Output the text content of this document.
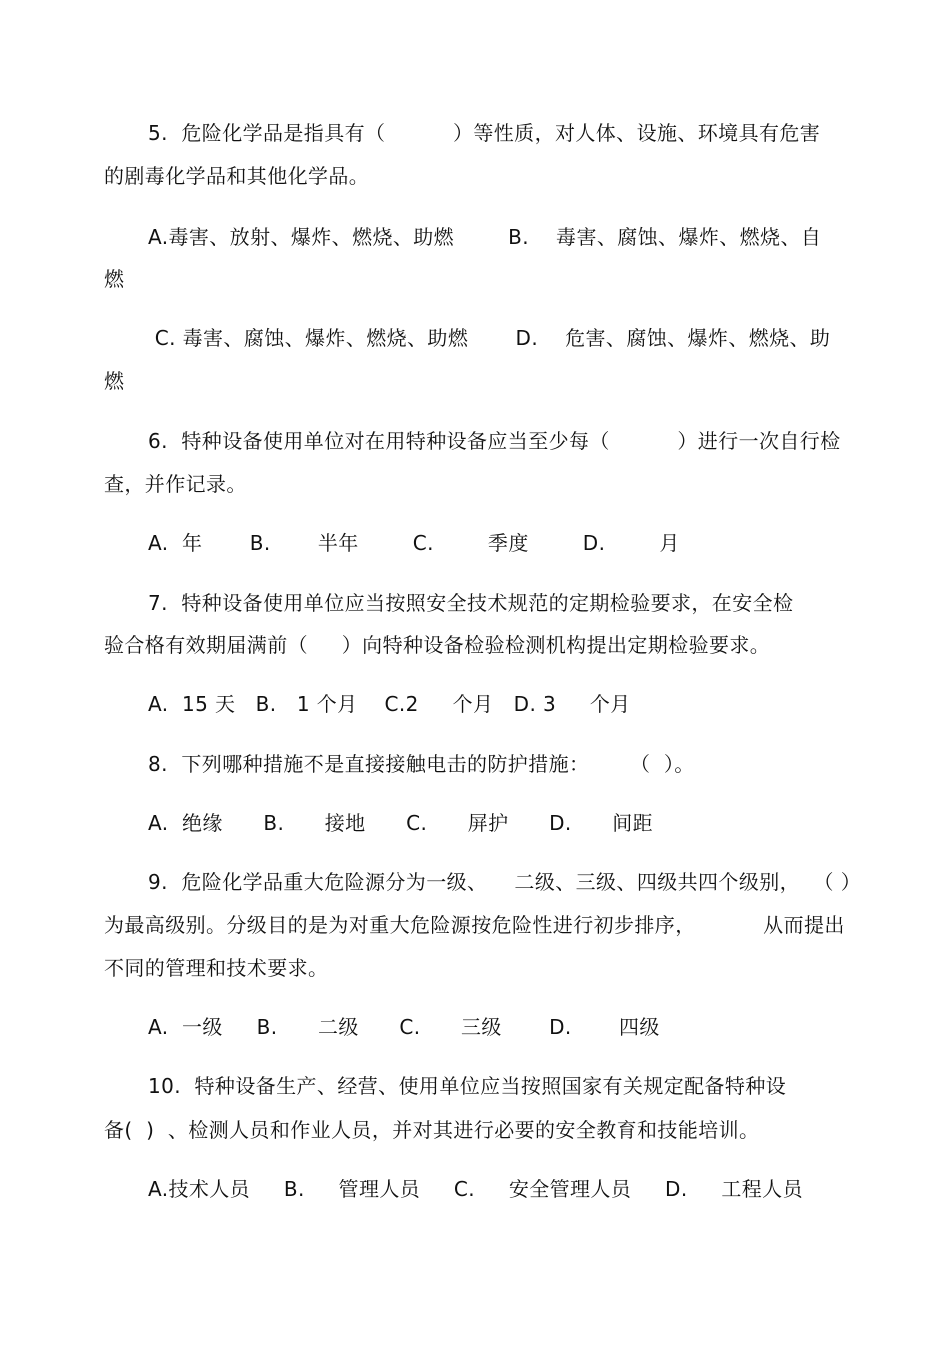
5.  危险化学品是指具有（          ）等性质，对人体、设施、环境具有危害
的剧毒化学品和其他化学品。
A.毒害、放射、爆炸、燃烧、助燃        B.    毒害、腐蚀、爆炸、燃烧、自
燃
C. 毒害、腐蚀、爆炸、燃烧、助燃       D.    危害、腐蚀、爆炸、燃烧、助
燃
6.  特种设备使用单位对在用特种设备应当至少每（          ）进行一次自行检
查，并作记录。
A.  年       B.       半年        C.        季度        D.        月
7.  特种设备使用单位应当按照安全技术规范的定期检验要求，在安全检
验合格有效期届满前（     ）向特种设备检验检测机构提出定期检验要求。
A.  15 天   B.   1 个月    C.2     个月   D. 3     个月
8.  下列哪种措施不是直接接触电击的防护措施：      （  ）。
A.  绝缘      B.      接地      C.      屏护      D.      间距
9.  危险化学品重大危险源分为一级、    二级、三级、四级共四个级别，  （ ）
为最高级别。分级目的是为对重大危险源按危险性进行初步排序，          从而提出
不同的管理和技术要求。
A.  一级     B.      二级      C.      三级       D.       四级
10.  特种设备生产、经营、使用单位应当按照国家有关规定配备特种设
备(  )  、检测人员和作业人员，并对其进行必要的安全教育和技能培训。
A.技术人员     B.     管理人员     C.     安全管理人员     D.     工程人员
